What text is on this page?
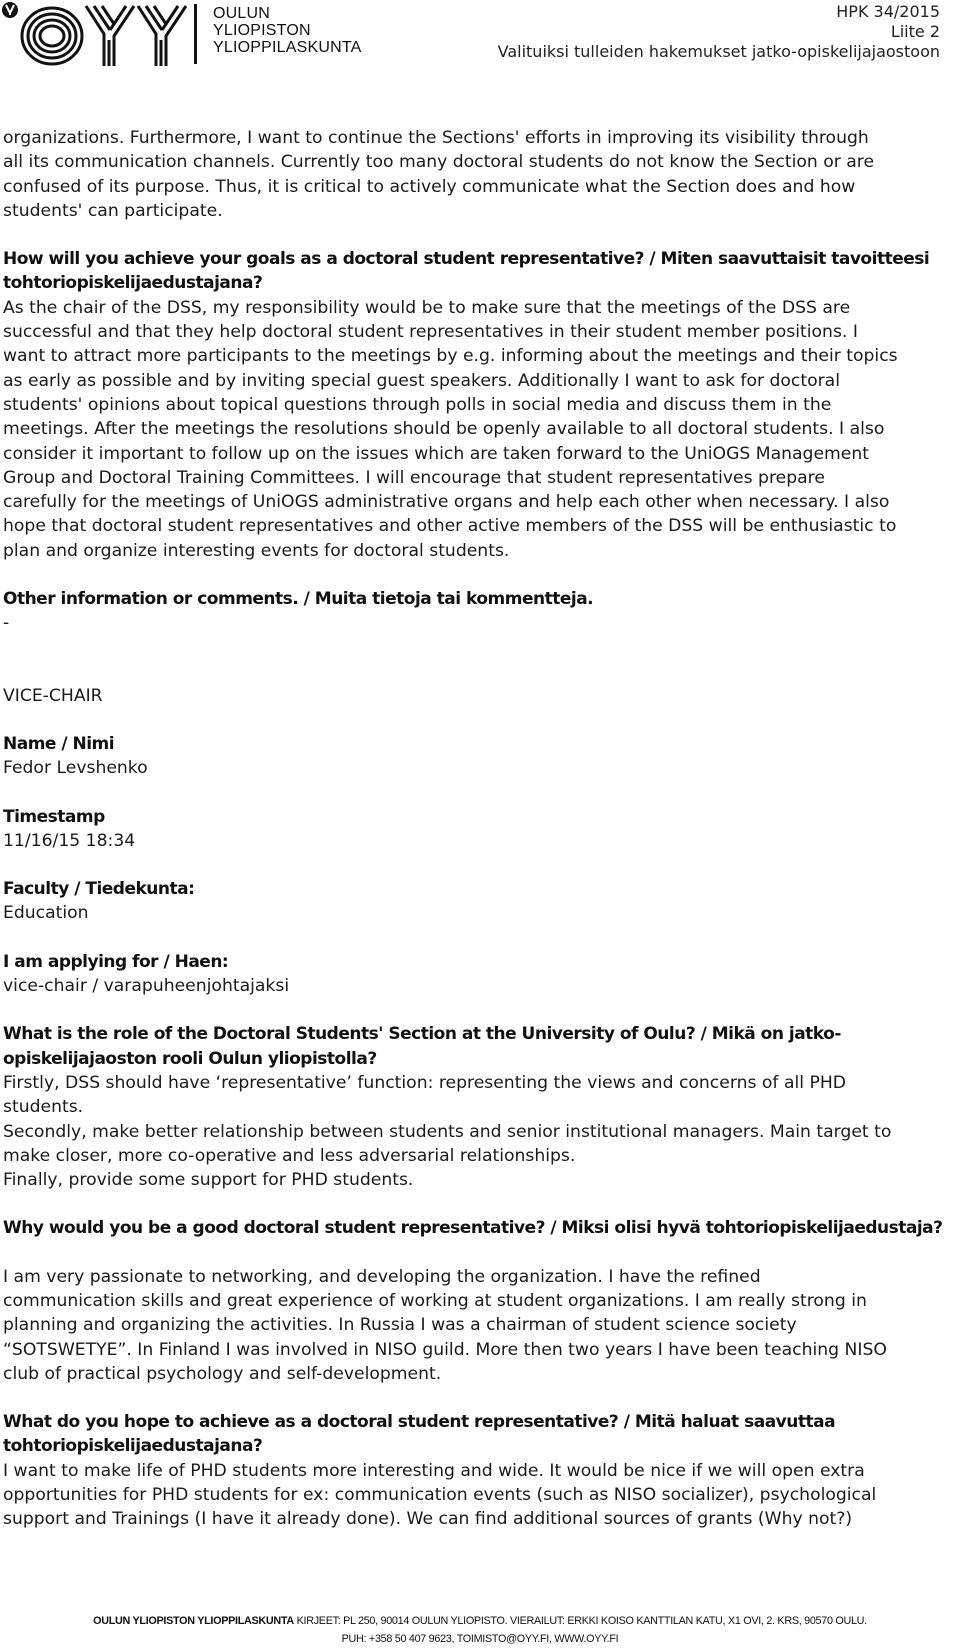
OULUN
YLIOPISTON
YLIOPPILASKUNTA
HPK 34/2015
Liite 2
Valituiksi tulleiden hakemukset jatko-opiskelijajaostoon

organizations. Furthermore, I want to continue the Sections' efforts in improving its visibility through

all its communication channels. Currently too many doctoral students do not know the Section or are

confused of its purpose. Thus, it is critical to actively communicate what the Section does and how

students' can participate.

How will you achieve your goals as a doctoral student representative? / Miten saavuttaisit tavoitteesi

tohtoriopiskelijaedustajana?

As the chair of the DSS, my responsibility would be to make sure that the meetings of the DSS are

successful and that they help doctoral student representatives in their student member positions. I

want to attract more participants to the meetings by e.g. informing about the meetings and their topics

as early as possible and by inviting special guest speakers. Additionally I want to ask for doctoral

students' opinions about topical questions through polls in social media and discuss them in the

meetings. After the meetings the resolutions should be openly available to all doctoral students. I also

consider it important to follow up on the issues which are taken forward to the UniOGS Management

Group and Doctoral Training Committees. I will encourage that student representatives prepare

carefully for the meetings of UniOGS administrative organs and help each other when necessary. I also

hope that doctoral student representatives and other active members of the DSS will be enthusiastic to

plan and organize interesting events for doctoral students.

Other information or comments. / Muita tietoja tai kommentteja.

-

VICE-CHAIR

Name / Nimi

Fedor Levshenko

Timestamp

11/16/15 18:34

Faculty / Tiedekunta:

Education

I am applying for / Haen:

vice-chair / varapuheenjohtajaksi

What is the role of the Doctoral Students' Section at the University of Oulu? / Mikä on jatko-

opiskelijajaoston rooli Oulun yliopistolla?

Firstly, DSS should have ‘representative’ function: representing the views and concerns of all PHD

students.

Secondly, make better relationship between students and senior institutional managers. Main target to

make closer, more co-operative and less adversarial relationships.

Finally, provide some support for PHD students.

Why would you be a good doctoral student representative? / Miksi olisi hyvä tohtoriopiskelijaedustaja?

I am very passionate to networking, and developing the organization. I have the refined

communication skills and great experience of working at student organizations. I am really strong in

planning and organizing the activities. In Russia I was a chairman of student science society

“SOTSWETYE”. In Finland I was involved in NISO guild. More then two years I have been teaching NISO

club of practical psychology and self-development.

What do you hope to achieve as a doctoral student representative? / Mitä haluat saavuttaa

tohtoriopiskelijaedustajana?

I want to make life of PHD students more interesting and wide. It would be nice if we will open extra

opportunities for PHD students for ex: communication events (such as NISO socializer), psychological

support and Trainings (I have it already done). We can find additional sources of grants (Why not?)

OULUN YLIOPISTON YLIOPPILASKUNTA KIRJEET: PL 250, 90014 OULUN YLIOPISTO. VIERAILUT: ERKKI KOISO KANTTILAN KATU, X1 OVI, 2. KRS, 90570 OULU.
PUH: +358 50 407 9623, TOIMISTO@OYY.FI, WWW.OYY.FI
